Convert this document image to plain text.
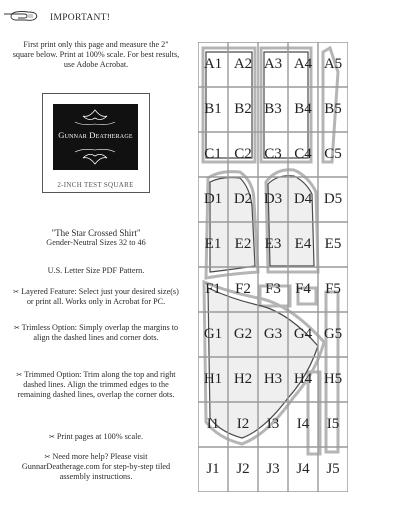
IMPORTANT!
First print only this page and measure the 2" square below. Print at 100% scale. For best results, use Adobe Acrobat.
Gunnar Deatherage
2-INCH TEST SQUARE
"The Star Crossed Shirt"
Gender-Neutral Sizes 32 to 46
U.S. Letter Size PDF Pattern.
✂ Layered Feature: Select just your desired size(s) or print all. Works only in Acrobat for PC.
✂ Trimless Option: Simply overlap the margins to align the dashed lines and corner dots.
✂ Trimmed Option: Trim along the top and right dashed lines. Align the trimmed edges to the remaining dashed lines, overlap the corner dots.
✂ Print pages at 100% scale.
✂ Need more help? Please visit GunnarDeatherage.com for step-by-step tiled assembly instructions.
A1 A2 A3 A4 A5
B1 B2 B3 B4 B5
C1 C2 C3 C4 C5
D1 D2 D3 D4 D5
E1 E2 E3 E4 E5
F1 F2 F3 F4 F5
G1 G2 G3 G4 G5
H1 H2 H3 H4 H5
I1	I2	I3	I4	I5
J1	J2	J3	J4	J5
